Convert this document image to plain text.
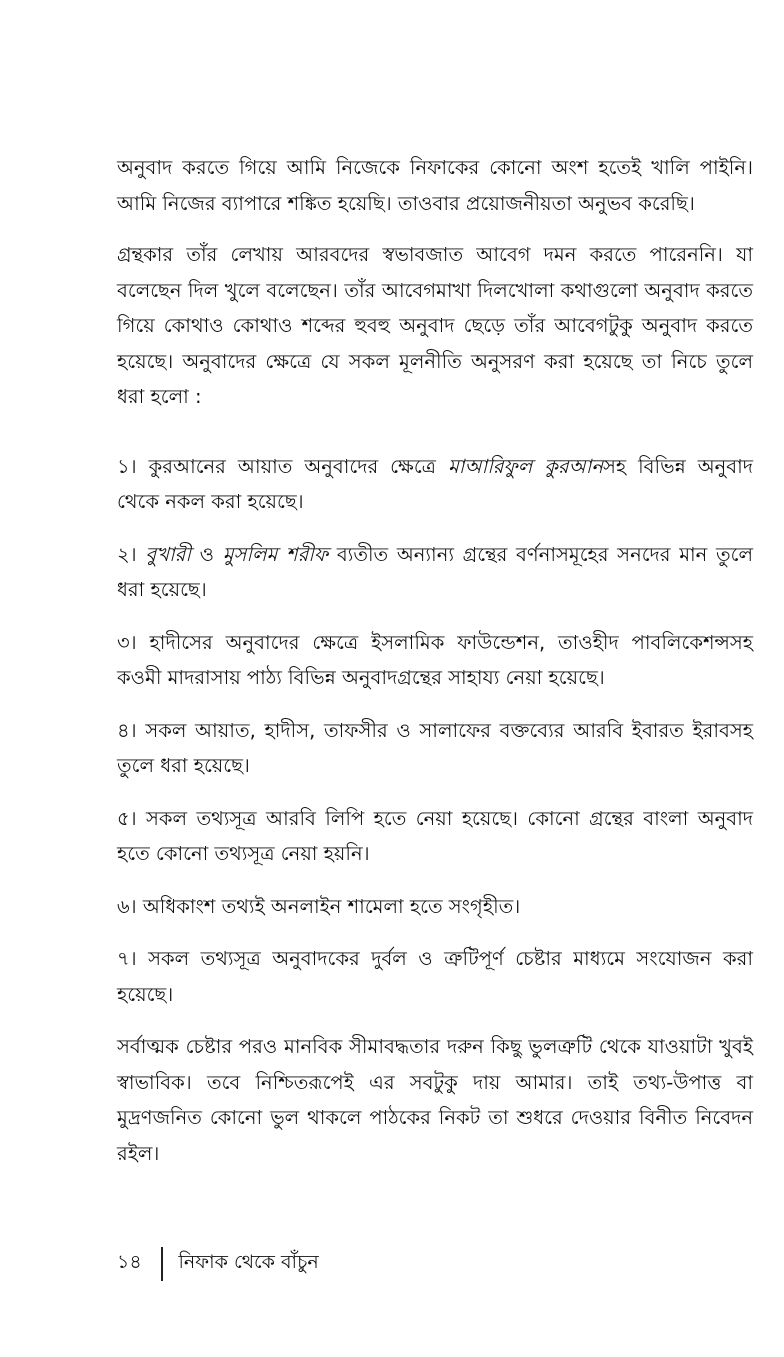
অনুবাদ করতে গিয়ে আমি নিজেকে নিফাকের কোনো অংশ হতেই খালি পাইনি। আমি নিজের ব্যাপারে শঙ্কিত হয়েছি। তাওবার প্রয়োজনীয়তা অনুভব করেছি।

গ্রন্থকার তাঁর লেখায় আরবদের স্বভাবজাত আবেগ দমন করতে পারেননি। যা বলেছেন দিল খুলে বলেছেন। তাঁর আবেগমাখা দিলখোলা কথাগুলো অনুবাদ করতে গিয়ে কোথাও কোথাও শব্দের হুবহু অনুবাদ ছেড়ে তাঁর আবেগটুকু অনুবাদ করতে হয়েছে। অনুবাদের ক্ষেত্রে যে সকল মূলনীতি অনুসরণ করা হয়েছে তা নিচে তুলে ধরা হলো :

১। কুরআনের আয়াত অনুবাদের ক্ষেত্রে মাআরিফুল কুরআনসহ বিভিন্ন অনুবাদ থেকে নকল করা হয়েছে।
২। বুখারী ও মুসলিম শরীফ ব্যতীত অন্যান্য গ্রন্থের বর্ণনাসমূহের সনদের মান তুলে ধরা হয়েছে।
৩। হাদীসের অনুবাদের ক্ষেত্রে ইসলামিক ফাউন্ডেশন, তাওহীদ পাবলিকেশন্সসহ কওমী মাদরাসায় পাঠ্য বিভিন্ন অনুবাদগ্রন্থের সাহায্য নেয়া হয়েছে।
৪। সকল আয়াত, হাদীস, তাফসীর ও সালাফের বক্তব্যের আরবি ইবারত ইরাবসহ তুলে ধরা হয়েছে।
৫। সকল তথ্যসূত্র আরবি লিপি হতে নেয়া হয়েছে। কোনো গ্রন্থের বাংলা অনুবাদ হতে কোনো তথ্যসূত্র নেয়া হয়নি।
৬। অধিকাংশ তথ্যই অনলাইন শামেলা হতে সংগৃহীত।
৭। সকল তথ্যসূত্র অনুবাদকের দুর্বল ও ত্রুটিপূর্ণ চেষ্টার মাধ্যমে সংযোজন করা হয়েছে।

সর্বাত্মক চেষ্টার পরও মানবিক সীমাবদ্ধতার দরুন কিছু ভুলত্রুটি থেকে যাওয়াটা খুবই স্বাভাবিক। তবে নিশ্চিতরূপেই এর সবটুকু দায় আমার। তাই তথ্য-উপাত্ত বা মুদ্রণজনিত কোনো ভুল থাকলে পাঠকের নিকট তা শুধরে দেওয়ার বিনীত নিবেদন রইল।

১৪	নিফাক থেকে বাঁচুন
